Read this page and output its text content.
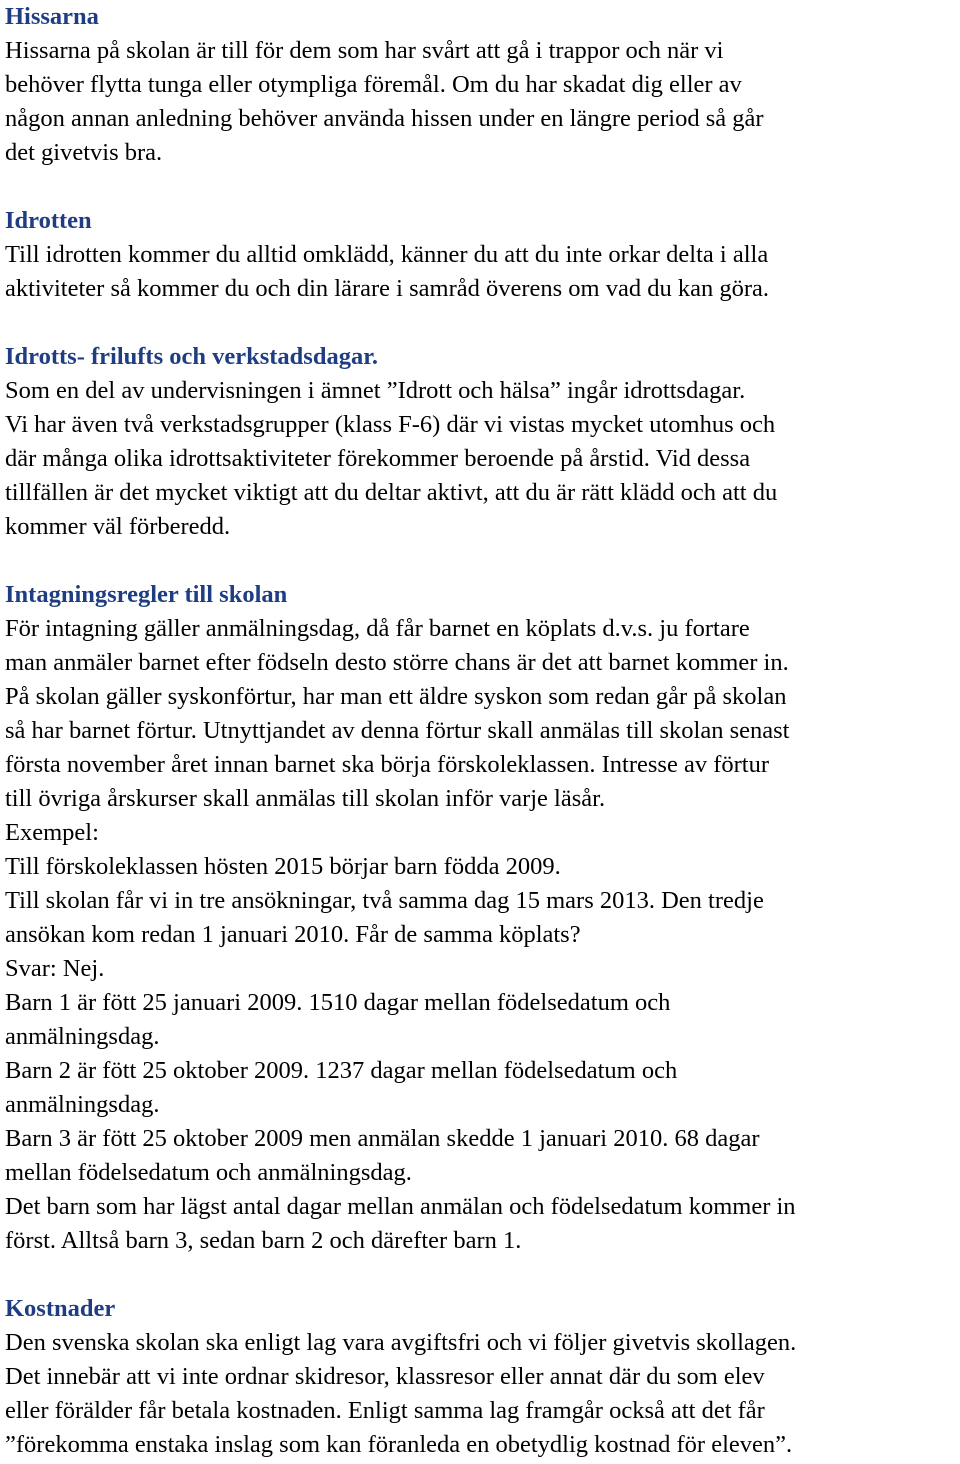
Hissarna
Hissarna på skolan är till för dem som har svårt att gå i trappor och när vi
behöver flytta tunga eller otympliga föremål. Om du har skadat dig eller av
någon annan anledning behöver använda hissen under en längre period så går
det givetvis bra.
Idrotten
Till idrotten kommer du alltid omklädd, känner du att du inte orkar delta i alla
aktiviteter så kommer du och din lärare i samråd överens om vad du kan göra.
Idrotts- frilufts och verkstadsdagar.
Som en del av undervisningen i ämnet ”Idrott och hälsa” ingår idrottsdagar.
Vi har även två verkstadsgrupper (klass F-6) där vi vistas mycket utomhus och
där många olika idrottsaktiviteter förekommer beroende på årstid. Vid dessa
tillfällen är det mycket viktigt att du deltar aktivt, att du är rätt klädd och att du
kommer väl förberedd.
Intagningsregler till skolan
För intagning gäller anmälningsdag, då får barnet en köplats d.v.s. ju fortare
man anmäler barnet efter födseln desto större chans är det att barnet kommer in.
På skolan gäller syskonförtur, har man ett äldre syskon som redan går på skolan
så har barnet förtur. Utnyttjandet av denna förtur skall anmälas till skolan senast
första november året innan barnet ska börja förskoleklassen. Intresse av förtur
till övriga årskurser skall anmälas till skolan inför varje läsår.
Exempel:
Till förskoleklassen hösten 2015 börjar barn födda 2009.
Till skolan får vi in tre ansökningar, två samma dag 15 mars 2013. Den tredje
ansökan kom redan 1 januari 2010. Får de samma köplats?
Svar: Nej.
Barn 1 är fött 25 januari 2009. 1510 dagar mellan födelsedatum och
anmälningsdag.
Barn 2 är fött 25 oktober 2009. 1237 dagar mellan födelsedatum och
anmälningsdag.
Barn 3 är fött 25 oktober 2009 men anmälan skedde 1 januari 2010. 68 dagar
mellan födelsedatum och anmälningsdag.
Det barn som har lägst antal dagar mellan anmälan och födelsedatum kommer in
först. Alltså barn 3, sedan barn 2 och därefter barn 1.
Kostnader
Den svenska skolan ska enligt lag vara avgiftsfri och vi följer givetvis skollagen.
Det innebär att vi inte ordnar skidresor, klassresor eller annat där du som elev
eller förälder får betala kostnaden. Enligt samma lag framgår också att det får
”förekomma enstaka inslag som kan föranleda en obetydlig kostnad för eleven”.
